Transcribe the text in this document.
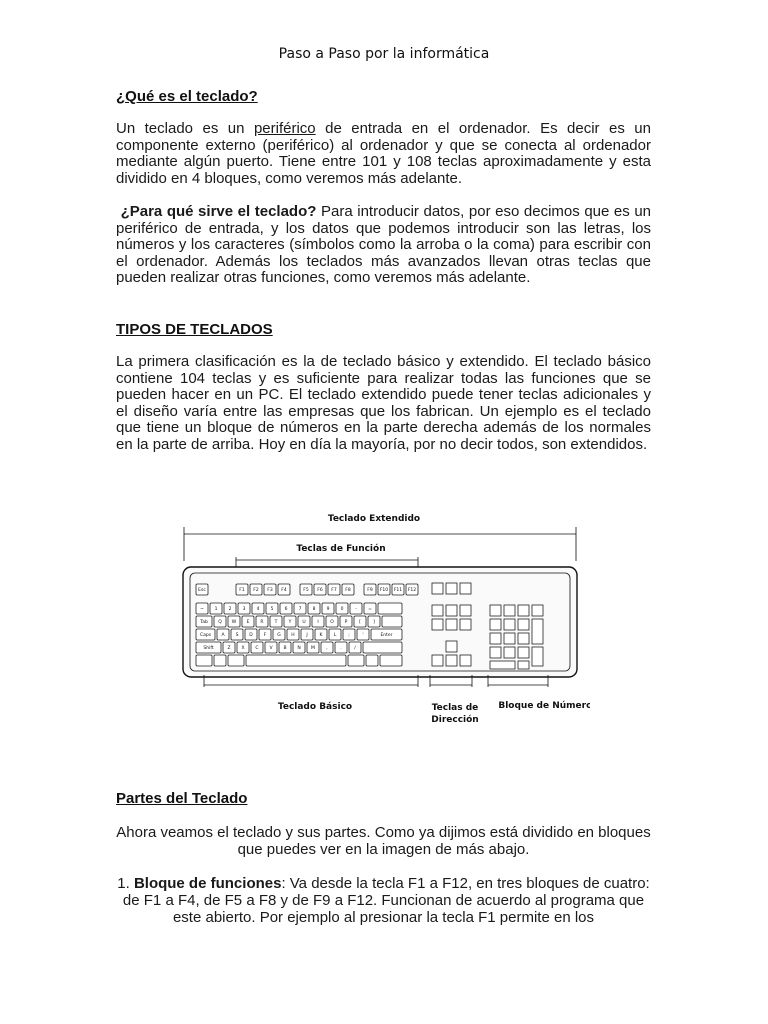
Paso a Paso por la informática
¿Qué es el teclado?

Un teclado es un periférico de entrada en el ordenador. Es decir es un componente externo (periférico) al ordenador y que se conecta al ordenador mediante algún puerto. Tiene entre 101 y 108 teclas aproximadamente y esta dividido en 4 bloques, como veremos más adelante.

¿Para qué sirve el teclado? Para introducir datos, por eso decimos que es un periférico de entrada, y los datos que podemos introducir son las letras, los números y los caracteres (símbolos como la arroba o la coma) para escribir con el ordenador. Además los teclados más avanzados llevan otras teclas que pueden realizar otras funciones, como veremos más adelante.

TIPOS DE TECLADOS

La primera clasificación es la de teclado básico y extendido. El teclado básico contiene 104 teclas y es suficiente para realizar todas las funciones que se pueden hacer en un PC. El teclado extendido puede tener teclas adicionales y el diseño varía entre las empresas que los fabrican. Un ejemplo es el teclado que tiene un bloque de números en la parte derecha además de los normales en la parte de arriba. Hoy en día la mayoría, por no decir todos, son extendidos.

Teclado Extendido
Teclas de Función
Esc	F1 F2 F3 F4	F5 F6 F7 F8	F9 F10 F11 F12
~ 1 2 3 4 5 6 7 8 9 0	-	=
Tab Q W E R T	Y U	I	O P	[	]
Caps A S D F G H	J	K	L	;	'	Enter
Shift	Z X C V B N M	,	.	/
Teclado Básico	Teclas de
Dirección
Bloque de Números
Partes del Teclado

Ahora veamos el teclado y sus partes. Como ya dijimos está dividido en bloques que puedes ver en la imagen de más abajo.

1. Bloque de funciones: Va desde la tecla F1 a F12, en tres bloques de cuatro: de F1 a F4, de F5 a F8 y de F9 a F12. Funcionan de acuerdo al programa que este abierto. Por ejemplo al presionar la tecla F1 permite en los
